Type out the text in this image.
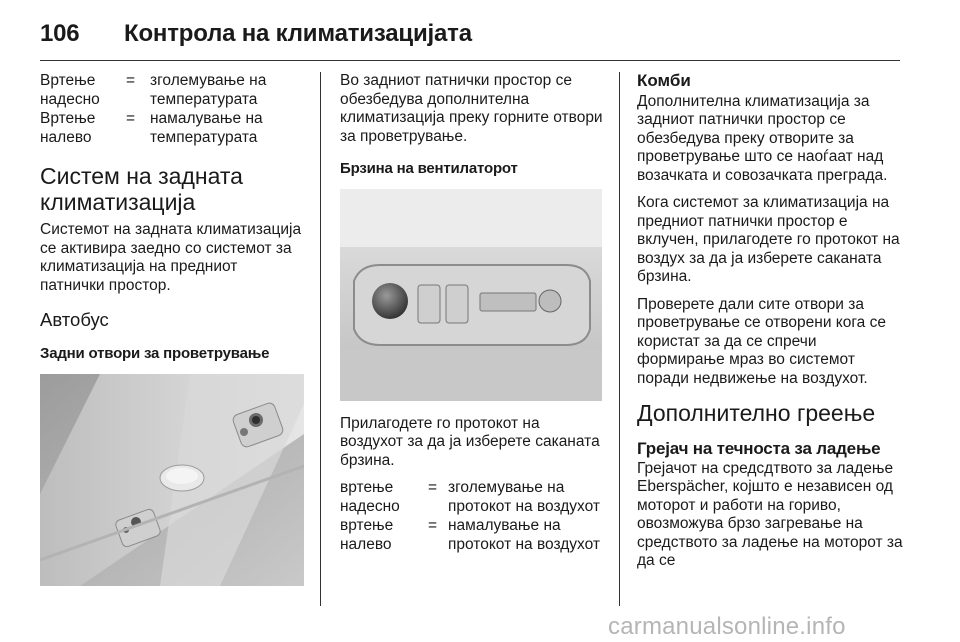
106 Контрола на климатизацијата
Вртење надесно
= зголемување на температурата
Вртење налево
= намалување на температурата
Систем на задната климатизација

Системот на задната климатизација се активира заедно со системот за климатизација на предниот патнички простор.

Автобус
Задни отвори за проветрување

Во задниот патнички простор се обезбедува дополнителна климатизација преку горните отвори за проветрување.

Брзина на вентилаторот

Прилагодете го протокот на воздухот за да ја изберете саканата брзина.

вртење надесно
= зголемување на протокот на воздухот
вртење налево
= намалување на протокот на воздухот
Комби

Дополнителна климатизација за задниот патнички простор се обезбедува преку отворите за проветрување што се наоѓаат над возачката и совозачката преграда.

Кога системот за климатизација на предниот патнички простор е вклучен, прилагодете го протокот на воздух за да ја изберете саканата брзина.

Проверете дали сите отвори за проветрување се отворени кога се користат за да се спречи формирање мраз во системот поради недвижење на воздухот.

Дополнително греење
Грејач на течноста за ладење

Грејачот на средсдтвото за ладење Eberspächer, којшто е независен од моторот и работи на гориво, овозможува брзо загревање на средството за ладење на моторот за да се

carmanualsonline.info
